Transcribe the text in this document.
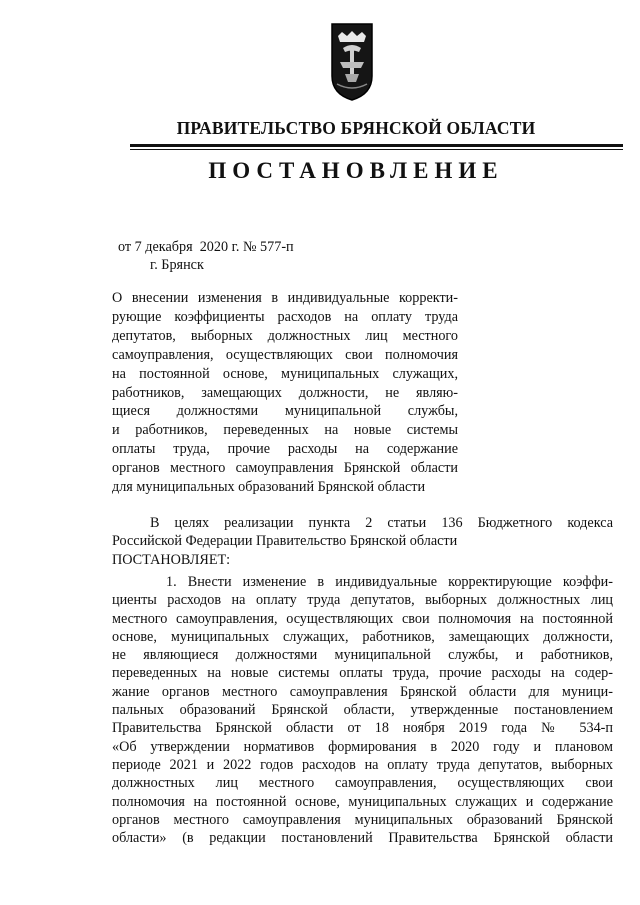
ПРАВИТЕЛЬСТВО БРЯНСКОЙ ОБЛАСТИ
ПОСТАНОВЛЕНИЕ
от 7 декабря  2020 г. № 577-п
г. Брянск
О внесении изменения в индивидуальные корректи-
рующие коэффициенты расходов на оплату труда
депутатов, выборных должностных лиц местного
самоуправления, осуществляющих свои полномочия
на постоянной основе, муниципальных служащих,
работников, замещающих должности, не являю-
щиеся должностями муниципальной службы,
и работников, переведенных на новые системы
оплаты труда, прочие расходы на содержание
органов местного самоуправления Брянской области
для муниципальных образований Брянской области
В целях реализации пункта 2 статьи 136 Бюджетного кодекса
Российской Федерации Правительство Брянской области
ПОСТАНОВЛЯЕТ:
1. Внести изменение в индивидуальные корректирующие коэффи-
циенты расходов на оплату труда депутатов, выборных должностных лиц
местного самоуправления, осуществляющих свои полномочия на постоянной
основе, муниципальных служащих, работников, замещающих должности,
не являющиеся должностями муниципальной службы, и работников,
переведенных на новые системы оплаты труда, прочие расходы на содер-
жание органов местного самоуправления Брянской области для муници-
пальных образований Брянской области, утвержденные постановлением
Правительства Брянской области от 18 ноября 2019 года № 534-п
«Об утверждении нормативов формирования в 2020 году и плановом
периоде 2021 и 2022 годов расходов на оплату труда депутатов, выборных
должностных лиц местного самоуправления, осуществляющих свои
полномочия на постоянной основе, муниципальных служащих и содержание
органов местного самоуправления муниципальных образований Брянской
области» (в редакции постановлений Правительства Брянской области
